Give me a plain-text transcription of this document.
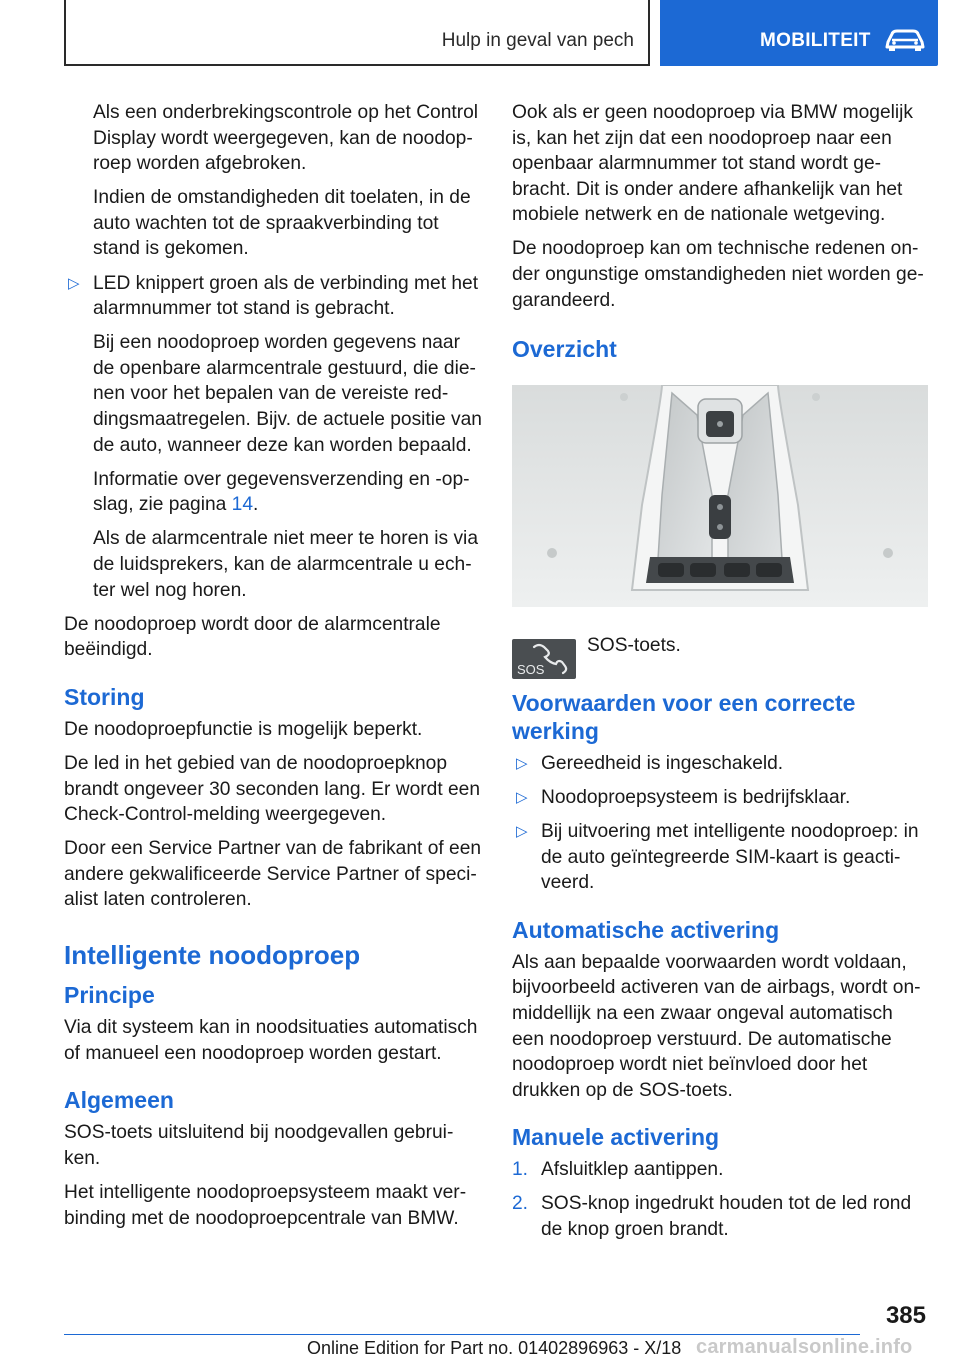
Hulp in geval van pech	MOBILITEIT

Als een onderbrekingscontrole op het Control Display wordt weergegeven, kan de noodoproep worden afgebroken.

Indien de omstandigheden dit toelaten, in de auto wachten tot de spraakverbinding tot stand is gekomen.

▷ LED knippert groen als de verbinding met het alarmnummer tot stand is gebracht.

Bij een noodoproep worden gegevens naar de openbare alarmcentrale gestuurd, die dienen voor het bepalen van de vereiste reddingsmaatregelen. Bijv. de actuele positie van de auto, wanneer deze kan worden bepaald.

Informatie over gegevensverzending en -opslag, zie pagina 14.

Als de alarmcentrale niet meer te horen is via de luidsprekers, kan de alarmcentrale u echter wel nog horen.

De noodoproep wordt door de alarmcentrale beëindigd.

Storing

De noodoproepfunctie is mogelijk beperkt.

De led in het gebied van de noodoproepknop brandt ongeveer 30 seconden lang. Er wordt een Check-Control-melding weergegeven.

Door een Service Partner van de fabrikant of een andere gekwalificeerde Service Partner of specialist laten controleren.

Intelligente noodoproep
Principe

Via dit systeem kan in noodsituaties automatisch of manueel een noodoproep worden gestart.

Algemeen

SOS-toets uitsluitend bij noodgevallen gebruiken.

Het intelligente noodoproepsysteem maakt verbinding met de noodoproepcentrale van BMW.

Ook als er geen noodoproep via BMW mogelijk is, kan het zijn dat een noodoproep naar een openbaar alarmnummer tot stand wordt gebracht. Dit is onder andere afhankelijk van het mobiele netwerk en de nationale wetgeving.

De noodoproep kan om technische redenen onder ongunstige omstandigheden niet worden gegarandeerd.

Overzicht
SOS
SOS-toets.
Voorwaarden voor een correcte werking

▷ Gereedheid is ingeschakeld.

▷ Noodoproepsysteem is bedrijfsklaar.

▷ Bij uitvoering met intelligente noodoproep: in de auto geïntegreerde SIM-kaart is geactiveerd.

Automatische activering

Als aan bepaalde voorwaarden wordt voldaan, bijvoorbeeld activeren van de airbags, wordt onmiddellijk na een zwaar ongeval automatisch een noodoproep verstuurd. De automatische noodoproep wordt niet beïnvloed door het drukken op de SOS-toets.

Manuele activering

1. Afsluitklep aantippen.

2. SOS-knop ingedrukt houden tot de led rond de knop groen brandt.

385
Online Edition for Part no. 01402896963 - X/18 carmanualsonline.info
